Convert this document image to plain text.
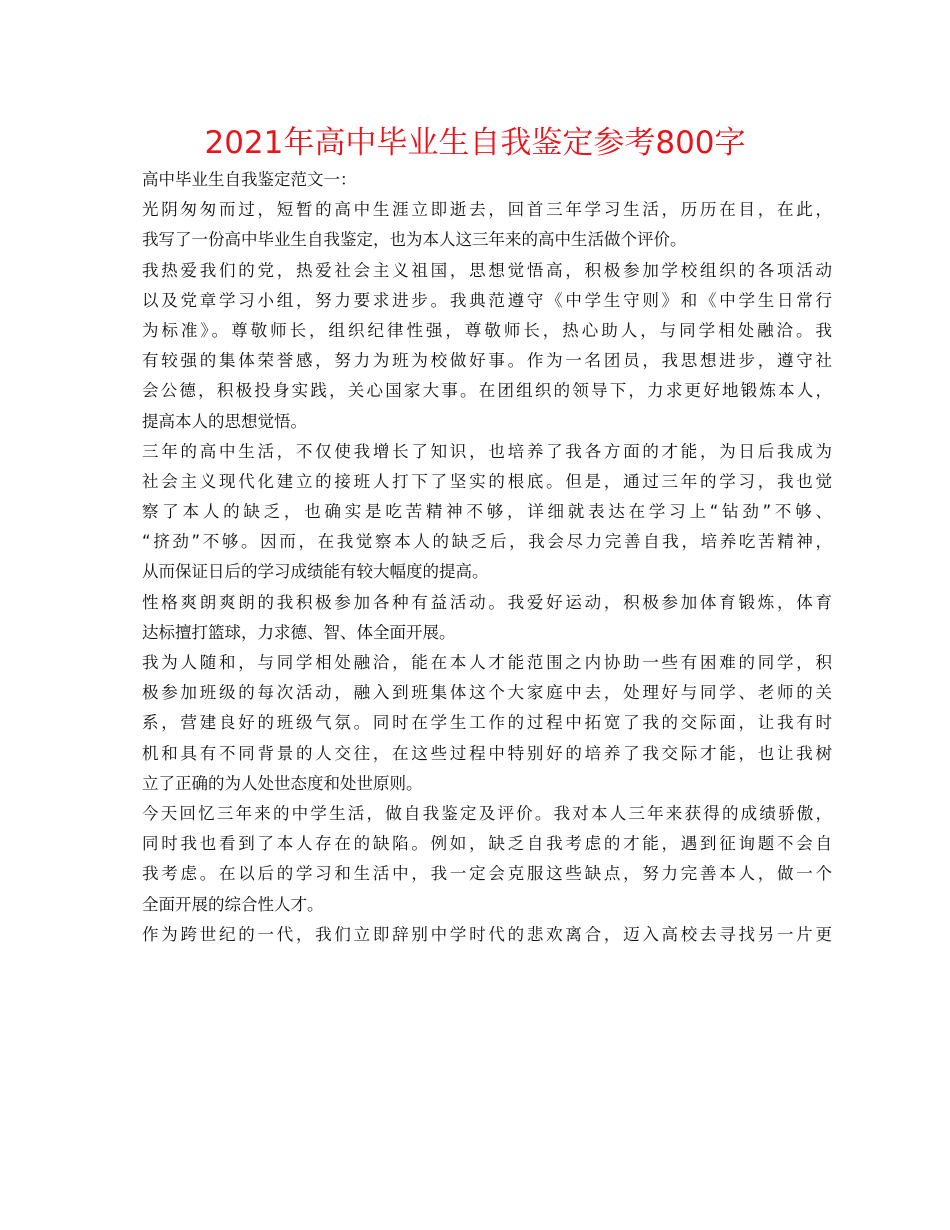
2021年高中毕业生自我鉴定参考800字
高中毕业生自我鉴定范文一：
光阴匆匆而过，短暂的高中生涯立即逝去，回首三年学习生活，历历在目，在此，
我写了一份高中毕业生自我鉴定，也为本人这三年来的高中生活做个评价。
我热爱我们的党，热爱社会主义祖国，思想觉悟高，积极参加学校组织的各项活动
以及党章学习小组，努力要求进步。我典范遵守《中学生守则》和《中学生日常行
为标准》。尊敬师长，组织纪律性强，尊敬师长，热心助人，与同学相处融洽。我
有较强的集体荣誉感，努力为班为校做好事。作为一名团员，我思想进步，遵守社
会公德，积极投身实践，关心国家大事。在团组织的领导下，力求更好地锻炼本人，
提高本人的思想觉悟。
三年的高中生活，不仅使我增长了知识，也培养了我各方面的才能，为日后我成为
社会主义现代化建立的接班人打下了坚实的根底。但是，通过三年的学习，我也觉
察了本人的缺乏，也确实是吃苦精神不够，详细就表达在学习上“钻劲”不够、
“挤劲”不够。因而，在我觉察本人的缺乏后，我会尽力完善自我，培养吃苦精神，
从而保证日后的学习成绩能有较大幅度的提高。
性格爽朗爽朗的我积极参加各种有益活动。我爱好运动，积极参加体育锻炼，体育
达标擅打篮球，力求德、智、体全面开展。
我为人随和，与同学相处融洽，能在本人才能范围之内协助一些有困难的同学，积
极参加班级的每次活动，融入到班集体这个大家庭中去，处理好与同学、老师的关
系，营建良好的班级气氛。同时在学生工作的过程中拓宽了我的交际面，让我有时
机和具有不同背景的人交往，在这些过程中特别好的培养了我交际才能，也让我树
立了正确的为人处世态度和处世原则。
今天回忆三年来的中学生活，做自我鉴定及评价。我对本人三年来获得的成绩骄傲，
同时我也看到了本人存在的缺陷。例如，缺乏自我考虑的才能，遇到征询题不会自
我考虑。在以后的学习和生活中，我一定会克服这些缺点，努力完善本人，做一个
全面开展的综合性人才。
作为跨世纪的一代，我们立即辞别中学时代的悲欢离合，迈入高校去寻找另一片更
